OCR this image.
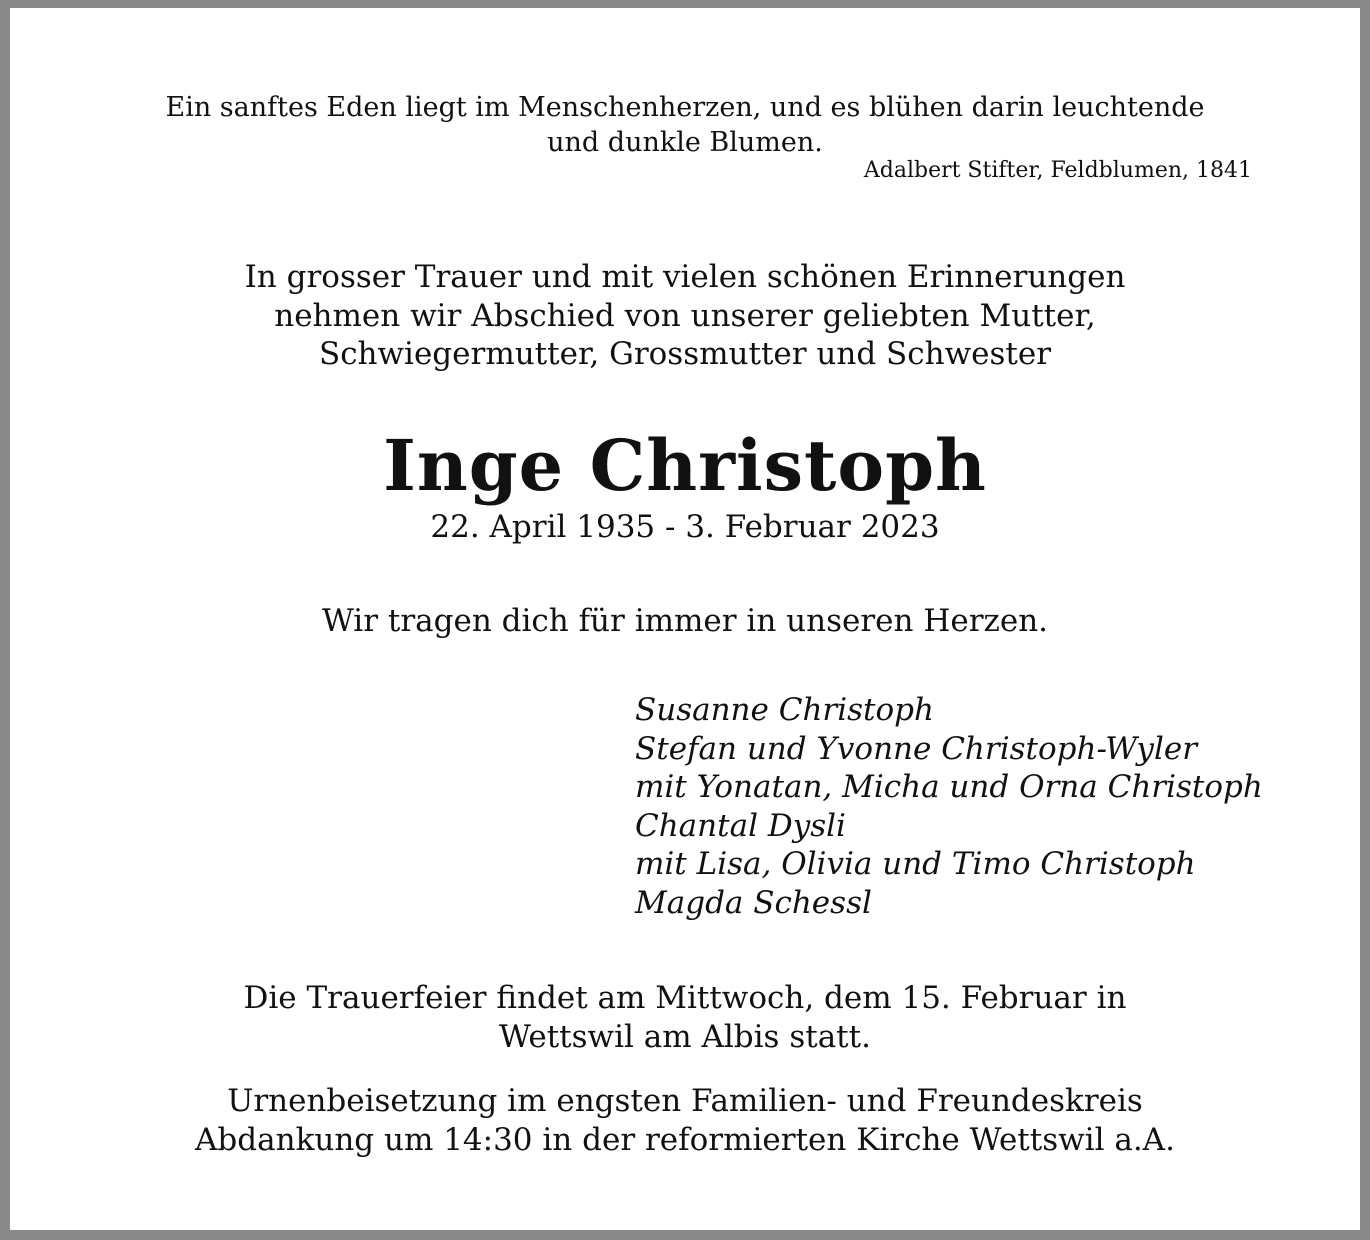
Ein sanftes Eden liegt im Menschenherzen, und es blühen darin leuchtende
und dunkle Blumen.
Adalbert Stifter, Feldblumen, 1841
In grosser Trauer und mit vielen schönen Erinnerungen
nehmen wir Abschied von unserer geliebten Mutter,
Schwiegermutter, Grossmutter und Schwester
Inge Christoph
22. April 1935 - 3. Februar 2023
Wir tragen dich für immer in unseren Herzen.
Susanne Christoph
Stefan und Yvonne Christoph-Wyler
mit Yonatan, Micha und Orna Christoph
Chantal Dysli
mit Lisa, Olivia und Timo Christoph
Magda Schessl
Die Trauerfeier findet am Mittwoch, dem 15. Februar in
Wettswil am Albis statt.
Urnenbeisetzung im engsten Familien- und Freundeskreis
Abdankung um 14:30 in der reformierten Kirche Wettswil a.A.
